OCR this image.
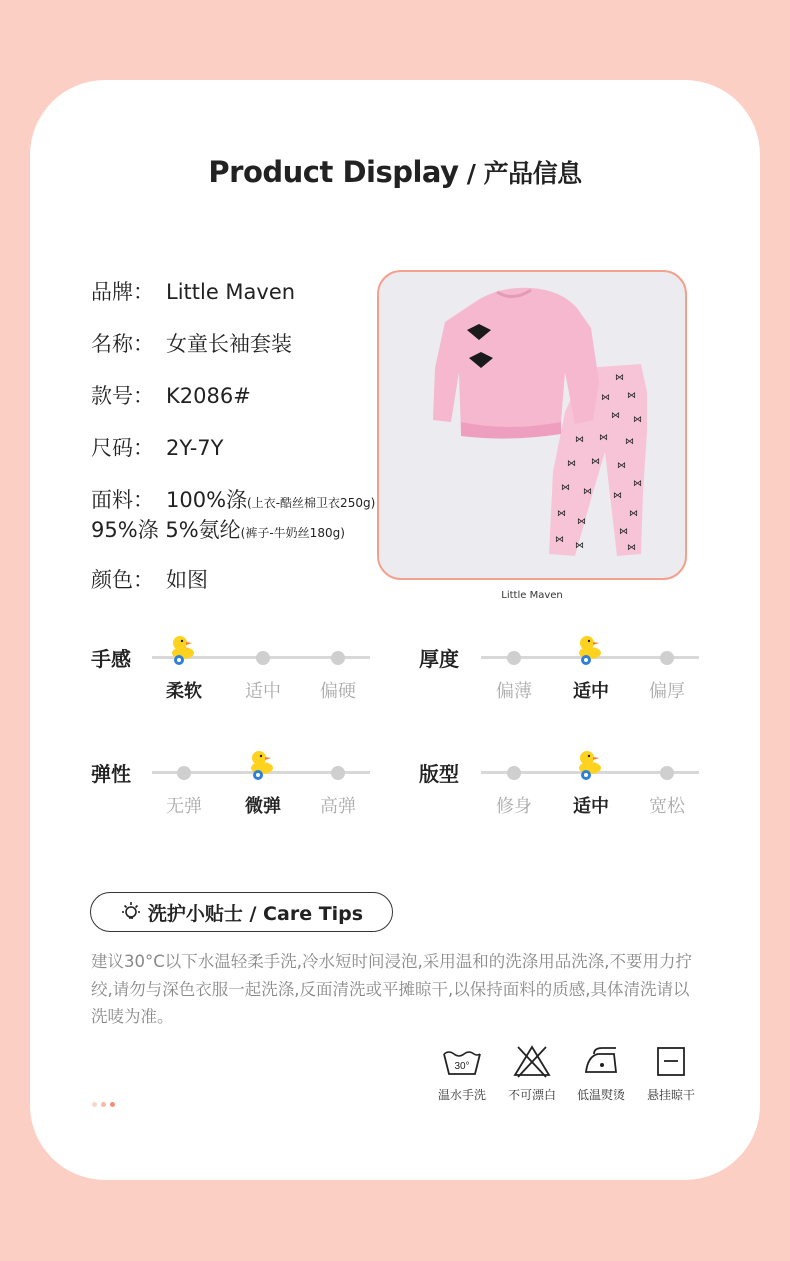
Product Display / 产品信息
品牌： Little Maven
名称： 女童长袖套装
款号： K2086#
尺码： 2Y-7Y
面料： 100%涤(上衣-酷丝棉卫衣250g)
95%涤 5%氨纶(裤子-牛奶丝180g)
颜色： 如图
⋈
⋈ ⋈
⋈ ⋈
⋈ ⋈ ⋈
⋈ ⋈ ⋈
⋈
⋈ ⋈ ⋈
⋈
⋈
⋈
⋈
⋈
⋈	⋈
Little Maven
手感
柔软	适中	偏硬
厚度
偏薄	适中	偏厚
弹性
无弹	微弹	高弹
版型
修身	适中	宽松
洗护小贴士 / Care Tips
建议30°C以下水温轻柔手洗,冷水短时间浸泡,采用温和的洗涤用品洗涤,不要用力拧绞,请勿与深色衣服一起洗涤,反面清洗或平摊晾干,以保持面料的质感,具体清洗请以洗唛为准。
30°
温水手洗	不可漂白	低温熨烫	悬挂晾干
